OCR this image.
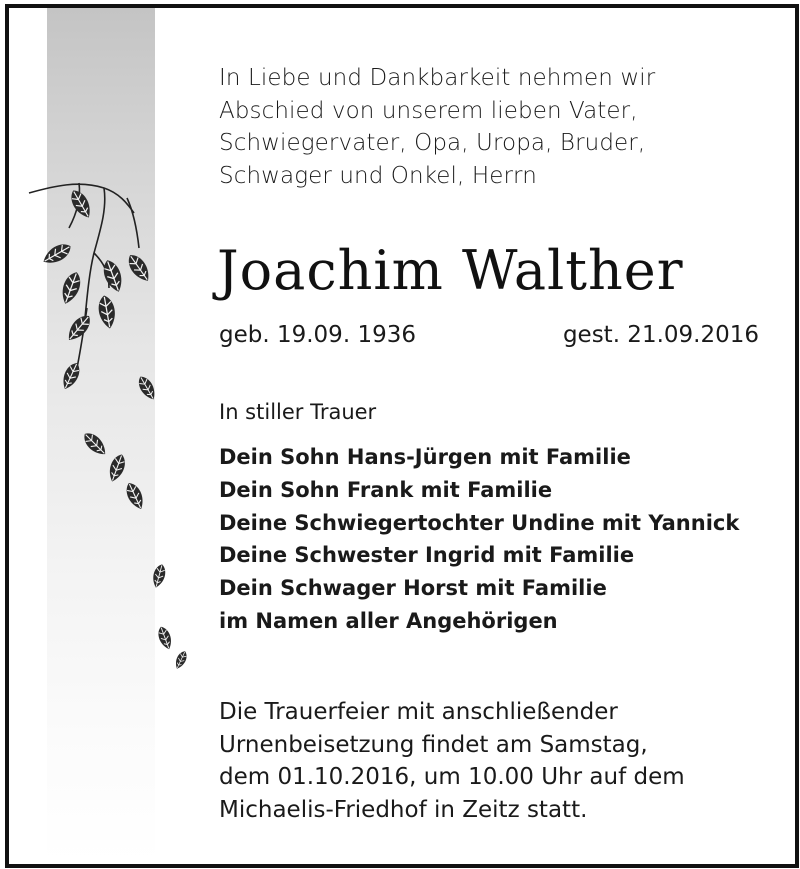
In Liebe und Dankbarkeit nehmen wir
Abschied von unserem lieben Vater,
Schwiegervater, Opa, Uropa, Bruder,
Schwager und Onkel, Herrn
Joachim Walther
geb. 19.09. 1936	gest. 21.09.2016
In stiller Trauer
Dein Sohn Hans-Jürgen mit Familie
Dein Sohn Frank mit Familie
Deine Schwiegertochter Undine mit Yannick
Deine Schwester Ingrid mit Familie
Dein Schwager Horst mit Familie
im Namen aller Angehörigen
Die Trauerfeier mit anschließender
Urnenbeisetzung findet am Samstag,
dem 01.10.2016, um 10.00 Uhr auf dem
Michaelis-Friedhof in Zeitz statt.
